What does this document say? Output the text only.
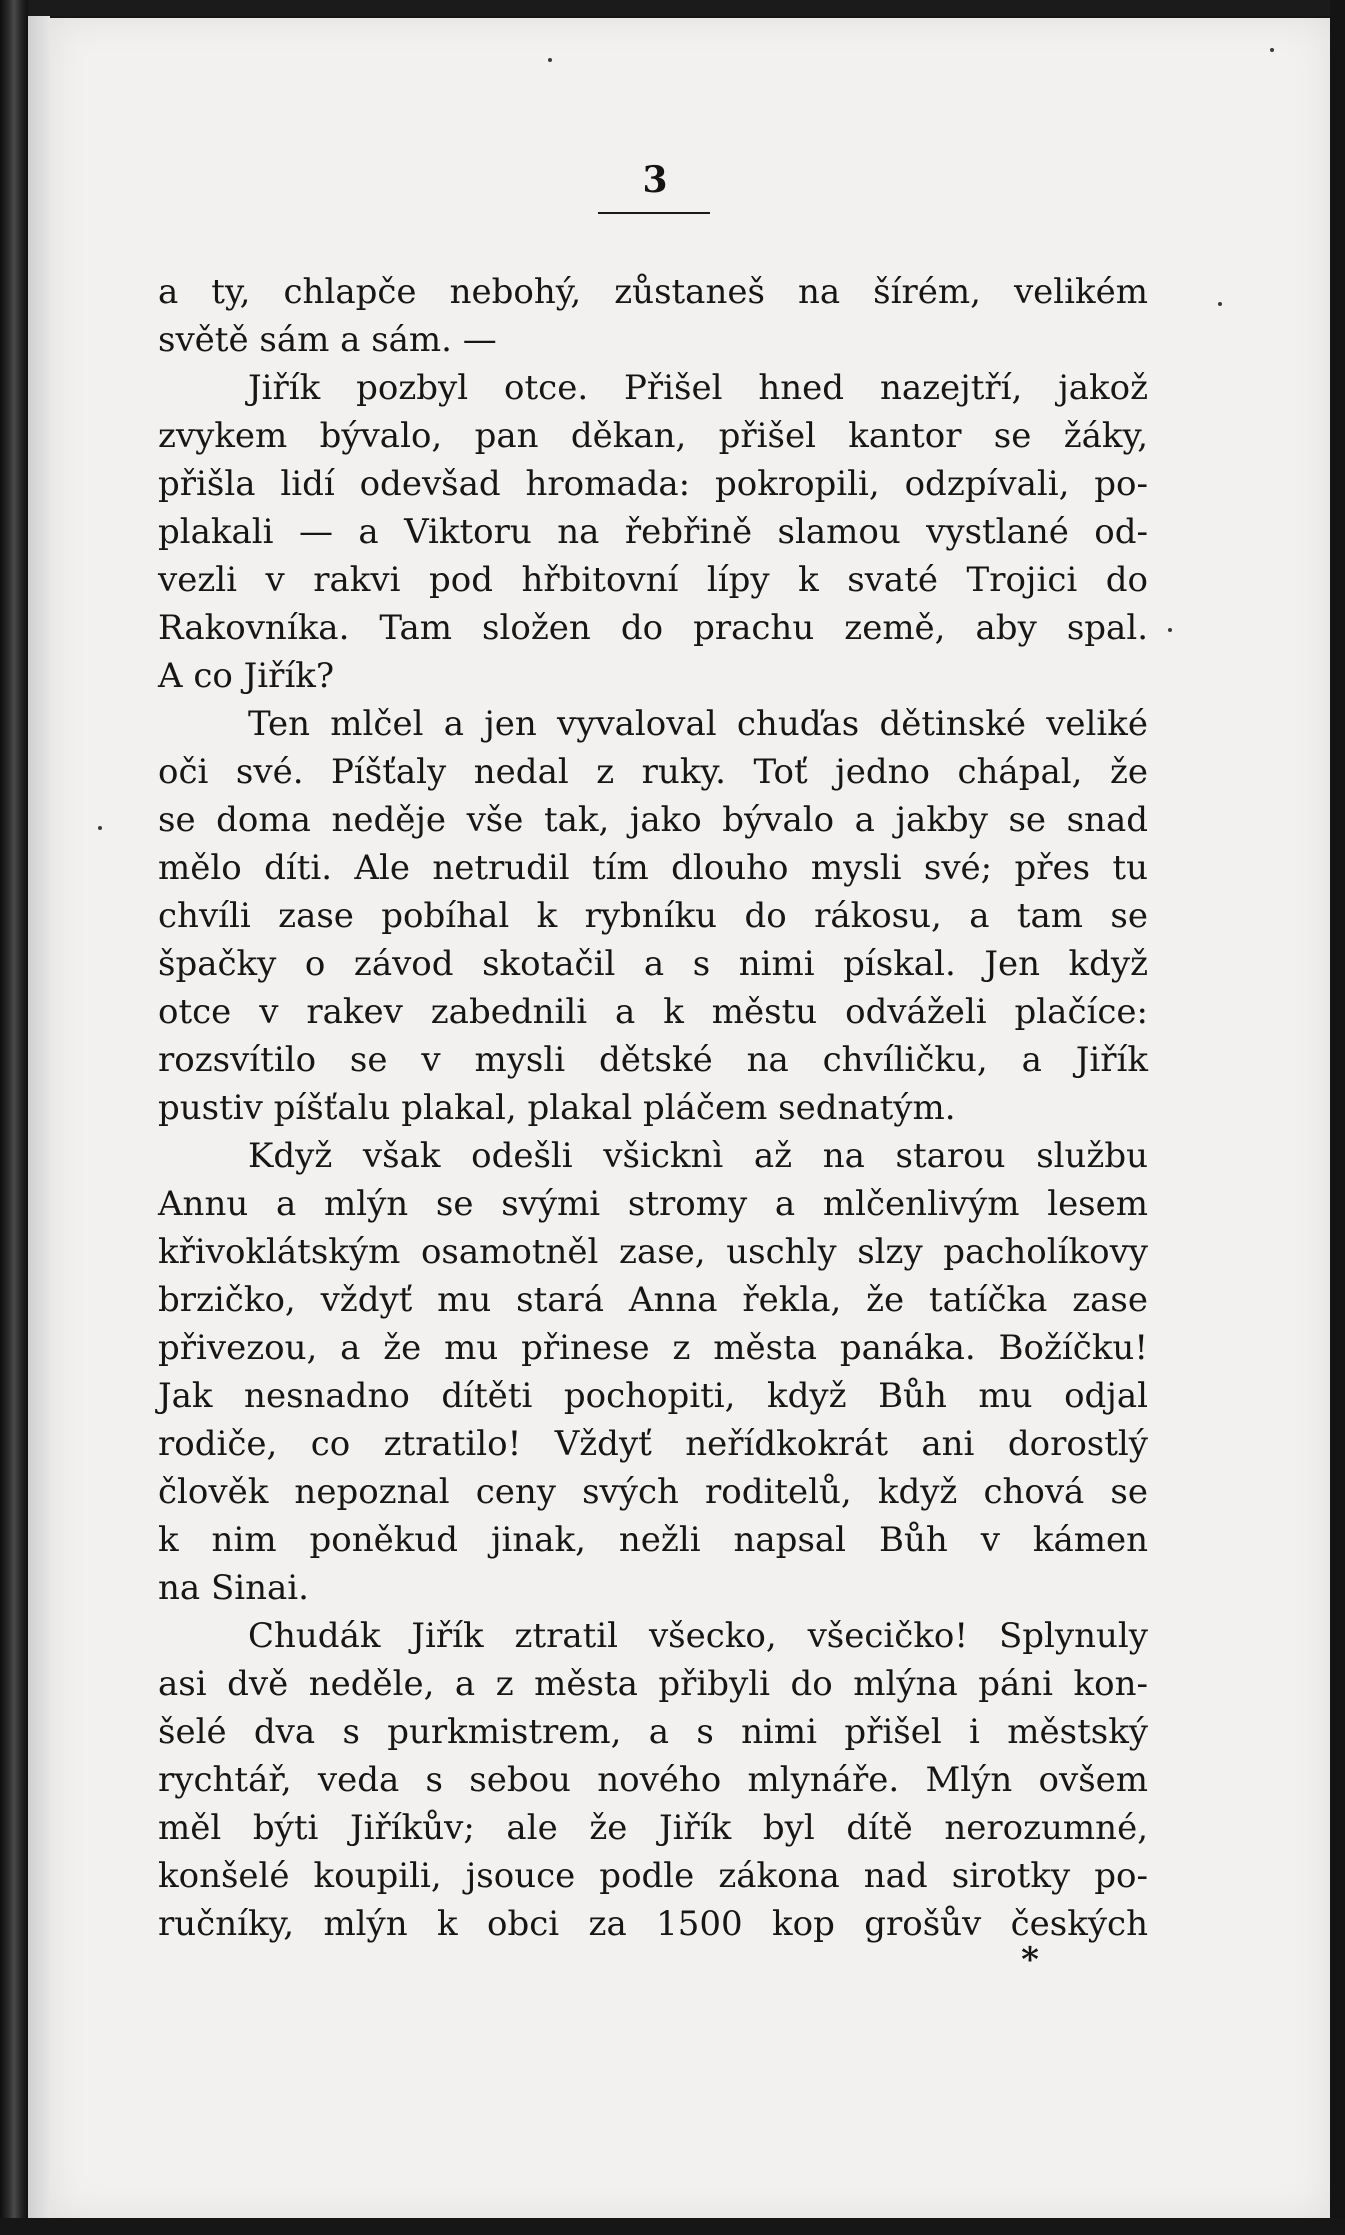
3
a ty, chlapče nebohý, zůstaneš na šírém, velikém
světě sám a sám. —
Jiřík pozbyl otce. Přišel hned nazejtří, jakož
zvykem bývalo, pan děkan, přišel kantor se žáky,
přišla lidí odevšad hromada: pokropili, odzpívali, po-
plakali — a Viktoru na řebřině slamou vystlané od-
vezli v rakvi pod hřbitovní lípy k svaté Trojici do
Rakovníka. Tam složen do prachu země, aby spal.
A co Jiřík?
Ten mlčel a jen vyvaloval chuďas dětinské veliké
oči své. Píšťaly nedal z ruky. Toť jedno chápal, že
se doma neděje vše tak, jako bývalo a jakby se snad
mělo díti. Ale netrudil tím dlouho mysli své; přes tu
chvíli zase pobíhal k rybníku do rákosu, a tam se
špačky o závod skotačil a s nimi pískal. Jen když
otce v rakev zabednili a k městu odváželi plačíce:
rozsvítilo se v mysli dětské na chvíličku, a Jiřík
pustiv píšťalu plakal, plakal pláčem sednatým.
Když však odešli všicknì až na starou službu
Annu a mlýn se svými stromy a mlčenlivým lesem
křivoklátským osamotněl zase, uschly slzy pacholíkovy
brzičko, vždyť mu stará Anna řekla, že tatíčka zase
přivezou, a že mu přinese z města panáka. Božíčku!
Jak nesnadno dítěti pochopiti, když Bůh mu odjal
rodiče, co ztratilo! Vždyť neřídkokrát ani dorostlý
člověk nepoznal ceny svých roditelů, když chová se
k nim poněkud jinak, nežli napsal Bůh v kámen
na Sinai.
Chudák Jiřík ztratil všecko, všecičko! Splynuly
asi dvě neděle, a z města přibyli do mlýna páni kon-
šelé dva s purkmistrem, a s nimi přišel i městský
rychtář, veda s sebou nového mlynáře. Mlýn ovšem
měl býti Jiříkův; ale že Jiřík byl dítě nerozumné,
konšelé koupili, jsouce podle zákona nad sirotky po-
ručníky, mlýn k obci za 1500 kop grošův českých
*
